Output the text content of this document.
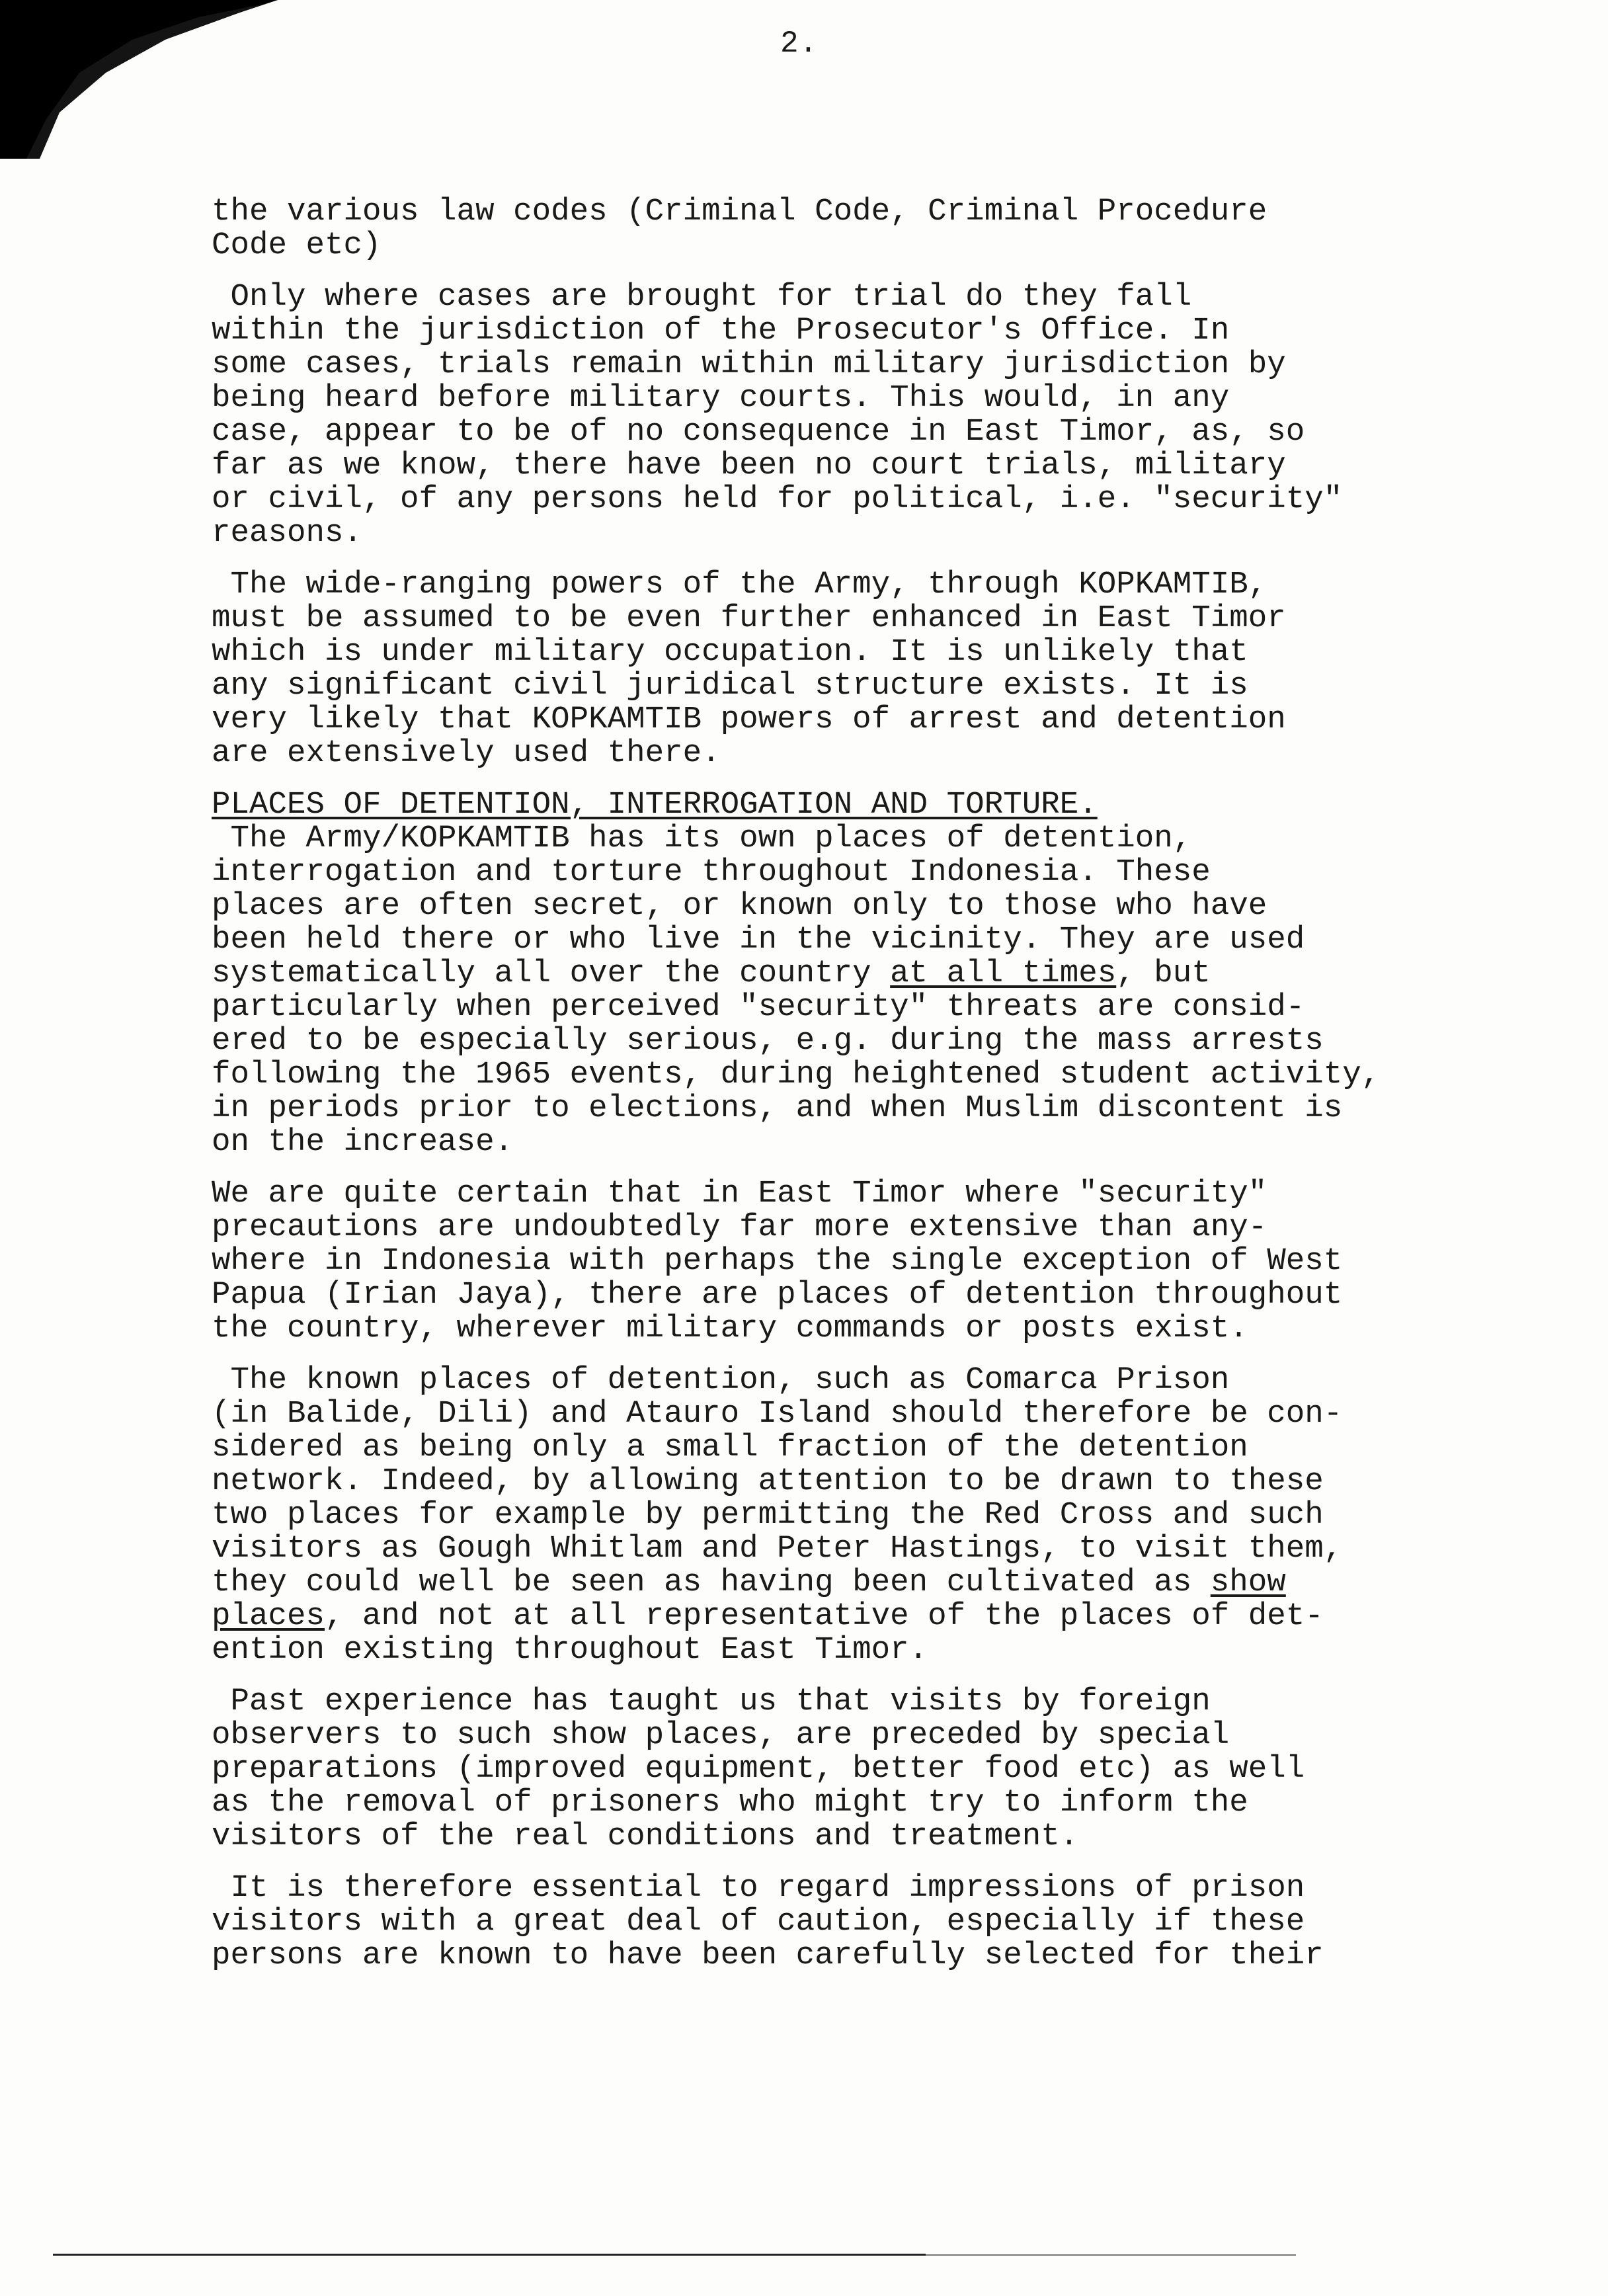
2.
the various law codes (Criminal Code, Criminal Procedure
Code etc)
Only where cases are brought for trial do they fall
within the jurisdiction of the Prosecutor's Office. In
some cases, trials remain within military jurisdiction by
being heard before military courts. This would, in any
case, appear to be of no consequence in East Timor, as, so
far as we know, there have been no court trials, military
or civil, of any persons held for political, i.e. "security"
reasons.
The wide-ranging powers of the Army, through KOPKAMTIB,
must be assumed to be even further enhanced in East Timor
which is under military occupation. It is unlikely that
any significant civil juridical structure exists. It is
very likely that KOPKAMTIB powers of arrest and detention
are extensively used there.
PLACES OF DETENTION, INTERROGATION AND TORTURE.
The Army/KOPKAMTIB has its own places of detention,
interrogation and torture throughout Indonesia. These
places are often secret, or known only to those who have
been held there or who live in the vicinity. They are used
systematically all over the country at all times, but
particularly when perceived "security" threats are consid-
ered to be especially serious, e.g. during the mass arrests
following the 1965 events, during heightened student activity,
in periods prior to elections, and when Muslim discontent is
on the increase.
We are quite certain that in East Timor where "security"
precautions are undoubtedly far more extensive than any-
where in Indonesia with perhaps the single exception of West
Papua (Irian Jaya), there are places of detention throughout
the country, wherever military commands or posts exist.
The known places of detention, such as Comarca Prison
(in Balide, Dili) and Atauro Island should therefore be con-
sidered as being only a small fraction of the detention
network. Indeed, by allowing attention to be drawn to these
two places for example by permitting the Red Cross and such
visitors as Gough Whitlam and Peter Hastings, to visit them,
they could well be seen as having been cultivated as show
places, and not at all representative of the places of det-
ention existing throughout East Timor.
Past experience has taught us that visits by foreign
observers to such show places, are preceded by special
preparations (improved equipment, better food etc) as well
as the removal of prisoners who might try to inform the
visitors of the real conditions and treatment.
It is therefore essential to regard impressions of prison
visitors with a great deal of caution, especially if these
persons are known to have been carefully selected for their
